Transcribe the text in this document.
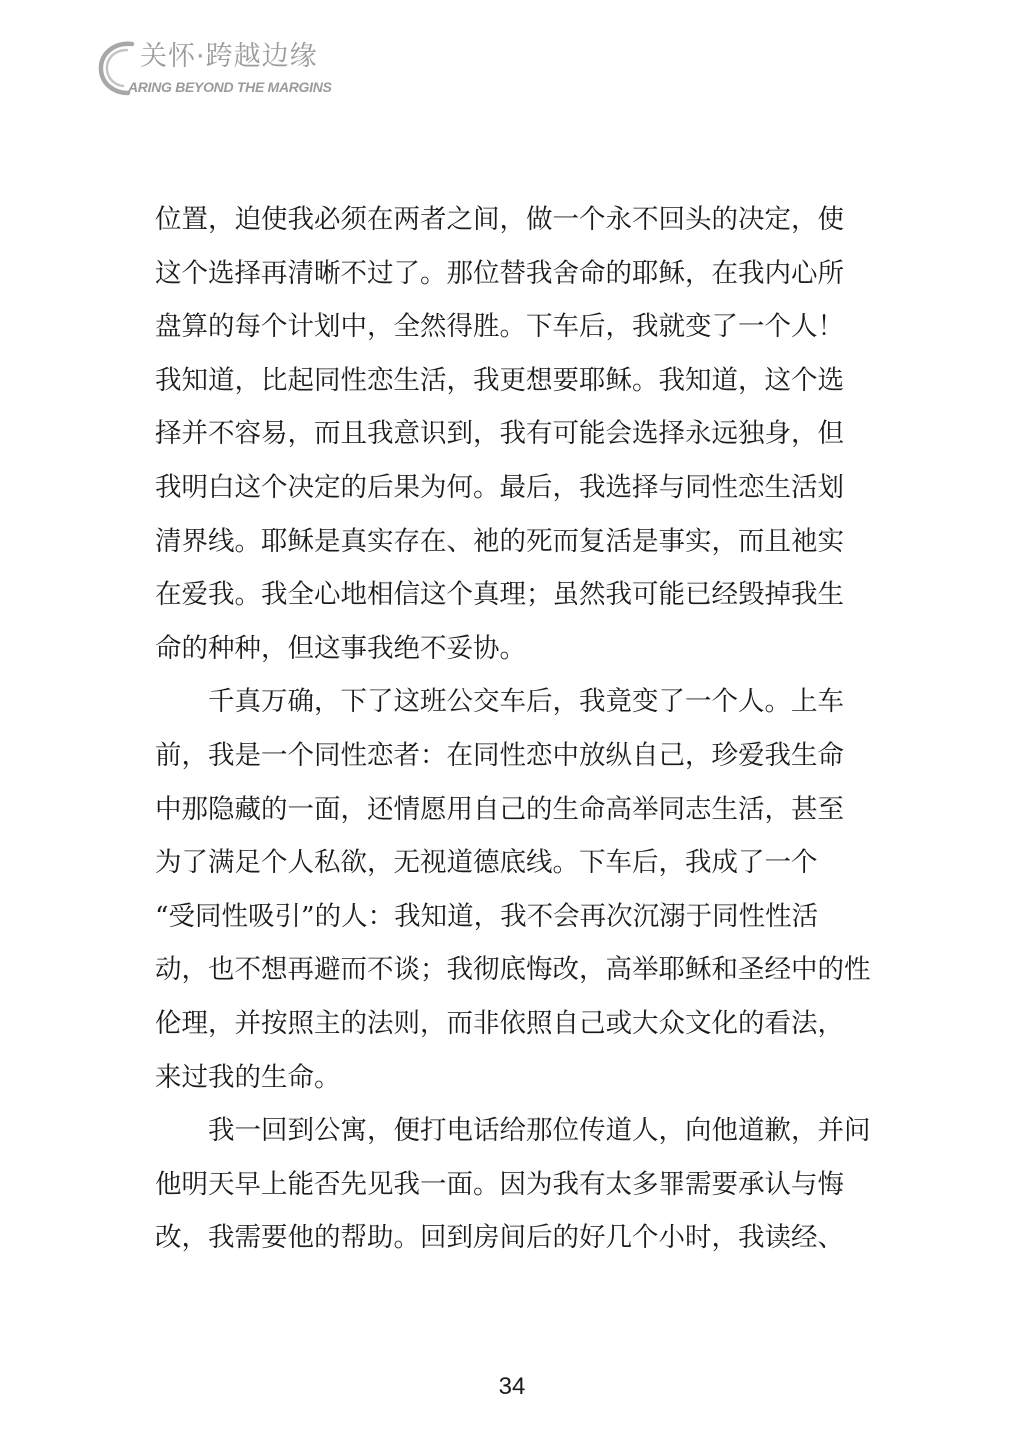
关怀·跨越边缘
ARING BEYOND THE MARGINS

位置，迫使我必须在两者之间，做一个永不回头的决定，使

这个选择再清晰不过了。那位替我舍命的耶稣，在我内心所

盘算的每个计划中，全然得胜。下车后，我就变了一个人！

我知道，比起同性恋生活，我更想要耶稣。我知道，这个选

择并不容易，而且我意识到，我有可能会选择永远独身，但

我明白这个决定的后果为何。最后，我选择与同性恋生活划

清界线。耶稣是真实存在、祂的死而复活是事实，而且祂实

在爱我。我全心地相信这个真理；虽然我可能已经毁掉我生

命的种种，但这事我绝不妥协。

千真万确，下了这班公交车后，我竟变了一个人。上车

前，我是一个同性恋者：在同性恋中放纵自己，珍爱我生命

中那隐藏的一面，还情愿用自己的生命高举同志生活，甚至

为了满足个人私欲，无视道德底线。下车后，我成了一个

“受同性吸引”的人：我知道，我不会再次沉溺于同性性活

动，也不想再避而不谈；我彻底悔改，高举耶稣和圣经中的性

伦理，并按照主的法则，而非依照自己或大众文化的看法，

来过我的生命。

我一回到公寓，便打电话给那位传道人，向他道歉，并问

他明天早上能否先见我一面。因为我有太多罪需要承认与悔

改，我需要他的帮助。回到房间后的好几个小时，我读经、

34
